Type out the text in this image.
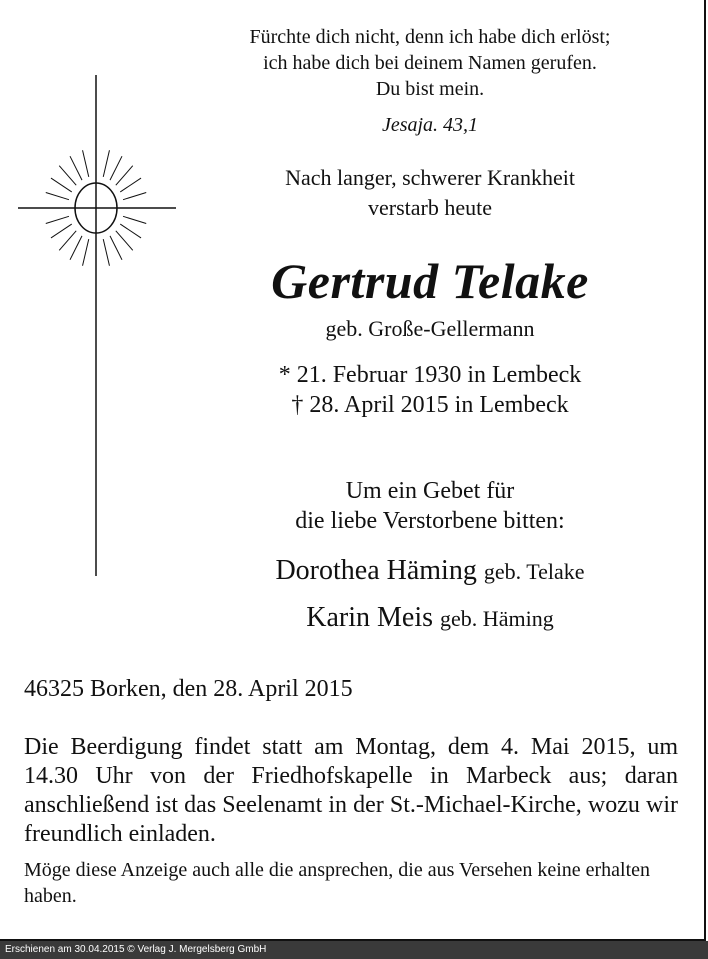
Fürchte dich nicht, denn ich habe dich erlöst;
ich habe dich bei deinem Namen gerufen.
Du bist mein.
Jesaja. 43,1
Nach langer, schwerer Krankheit
verstarb heute
Gertrud Telake
geb. Große-Gellermann
* 21. Februar 1930 in Lembeck
† 28. April 2015 in Lembeck
Um ein Gebet für
die liebe Verstorbene bitten:
Dorothea Häming geb. Telake
Karin Meis geb. Häming
46325 Borken, den 28. April 2015
Die Beerdigung findet statt am Montag, dem 4. Mai 2015, um 14.30 Uhr von der Friedhofskapelle in Marbeck aus; daran anschließend ist das Seelenamt in der St.-Michael-Kirche, wozu wir freundlich einladen.
Möge diese Anzeige auch alle die ansprechen, die aus Versehen keine erhalten haben.
Erschienen am 30.04.2015 © Verlag J. Mergelsberg GmbH
